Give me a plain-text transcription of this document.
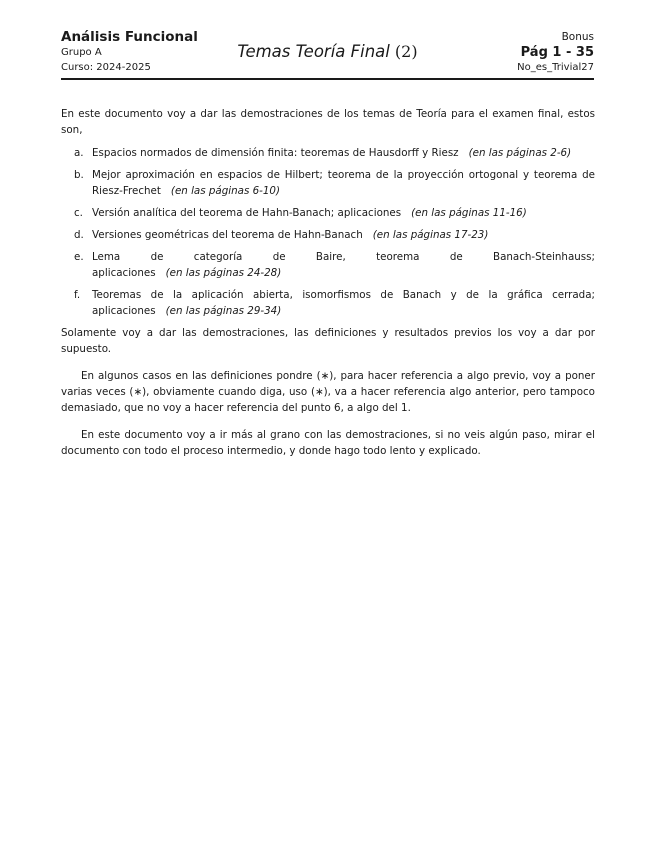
Análisis Funcional
Grupo A
Curso: 2024-2025
Temas Teoría Final (2)
Bonus
Pág 1 - 35
No_es_Trivial27

En este documento voy a dar las demostraciones de los temas de Teoría para el examen final, estos son,

a. Espacios normados de dimensión finita: teoremas de Hausdorff y Riesz (en las páginas 2-6)
b. Mejor aproximación en espacios de Hilbert; teorema de la proyección ortogonal y teorema de Riesz-Frechet (en las páginas 6-10)
c. Versión analítica del teorema de Hahn-Banach; aplicaciones (en las páginas 11-16)
d. Versiones geométricas del teorema de Hahn-Banach (en las páginas 17-23)
e. Lema de categoría de Baire, teorema de Banach-Steinhauss; aplicaciones (en las páginas 24-28)
f. Teoremas de la aplicación abierta, isomorfismos de Banach y de la gráfica cerrada; aplicaciones (en las páginas 29-34)

Solamente voy a dar las demostraciones, las definiciones y resultados previos los voy a dar por supuesto.

En algunos casos en las definiciones pondre (∗), para hacer referencia a algo previo, voy a poner varias veces (∗), obviamente cuando diga, uso (∗), va a hacer referencia algo anterior, pero tampoco demasiado, que no voy a hacer referencia del punto 6, a algo del 1.

En este documento voy a ir más al grano con las demostraciones, si no veis algún paso, mirar el documento con todo el proceso intermedio, y donde hago todo lento y explicado.
